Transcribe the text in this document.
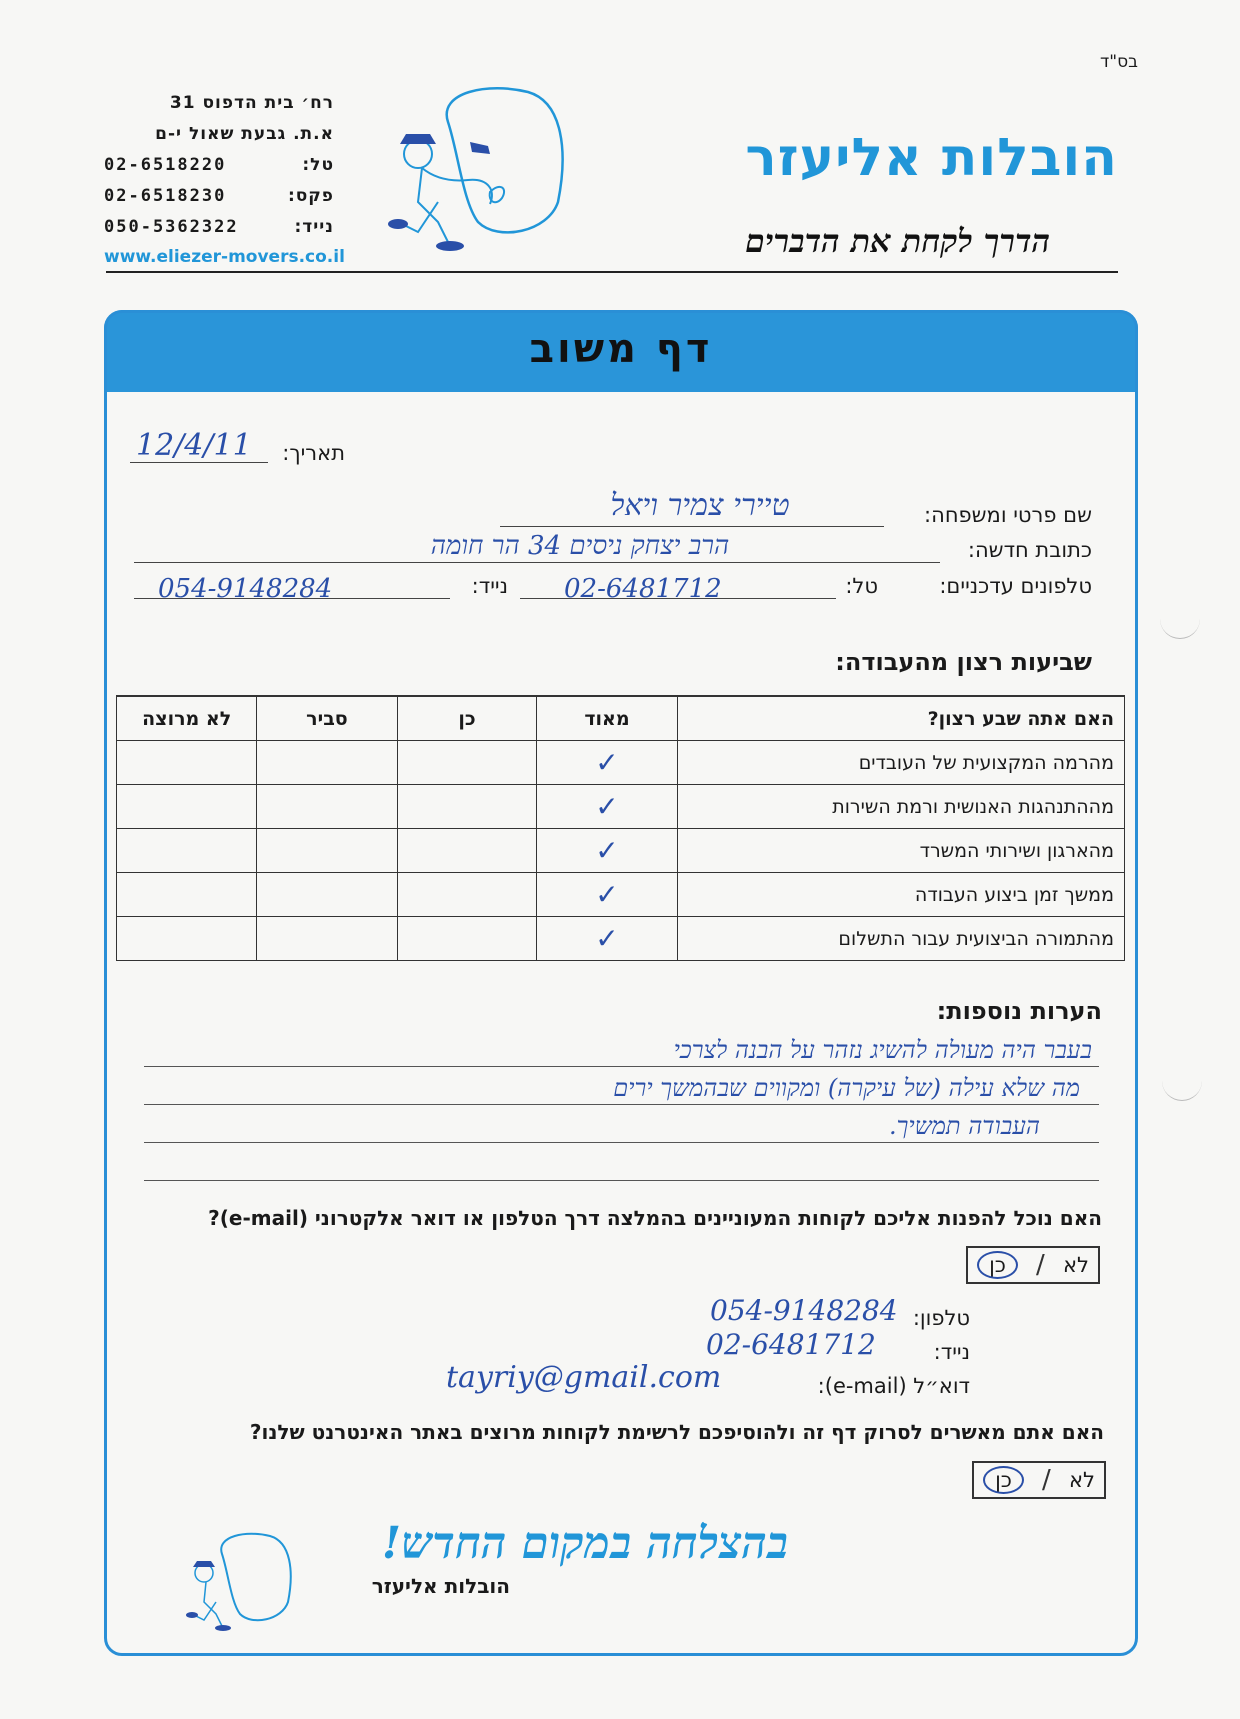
בס"ד
רח׳ בית הדפוס 31
א.ת. גבעת שאול י-ם
02-6518220	טל:
02-6518230	פקס:
050-5362322	נייד:
www.eliezer-movers.co.il
הובלות אליעזר
הדרך לקחת את הדברים
דף משוב
תאריך:
12/4/11
שם פרטי ומשפחה:
טיירי צמיר ויאל
כתובת חדשה:
הרב יצחק ניסים 34 הר חומה
טלפונים עדכניים:
טל:
02-6481712
נייד:
054-9148284
שביעות רצון מהעבודה:
האם אתה שבע רצון?	מאוד	כן	סביר	לא מרוצה
מהרמה המקצועית של העובדים	✓			
מההתנהגות האנושית ורמת השירות	✓			
מהארגון ושירותי המשרד	✓			
ממשך זמן ביצוע העבודה	✓			
מהתמורה הביצועית עבור התשלום	✓			
הערות נוספות:
בעבר היה מעולה להשיג נזהר על הבנה לצרכי
מה שלא עילה (של עיקרה) ומקווים שבהמשך ירים
העבודה תמשיך.
האם נוכל להפנות אליכם לקוחות המעוניינים בהמלצה דרך הטלפון או דואר אלקטרוני (e-mail)?
לא
/
כן
טלפון:
054-9148284
נייד:
02-6481712
דוא״ל (e-mail):
tayriy@gmail.com
האם אתם מאשרים לסרוק דף זה ולהוסיפכם לרשימת לקוחות מרוצים באתר האינטרנט שלנו?
לא
/
כן
בהצלחה במקום החדש!
הובלות אליעזר
